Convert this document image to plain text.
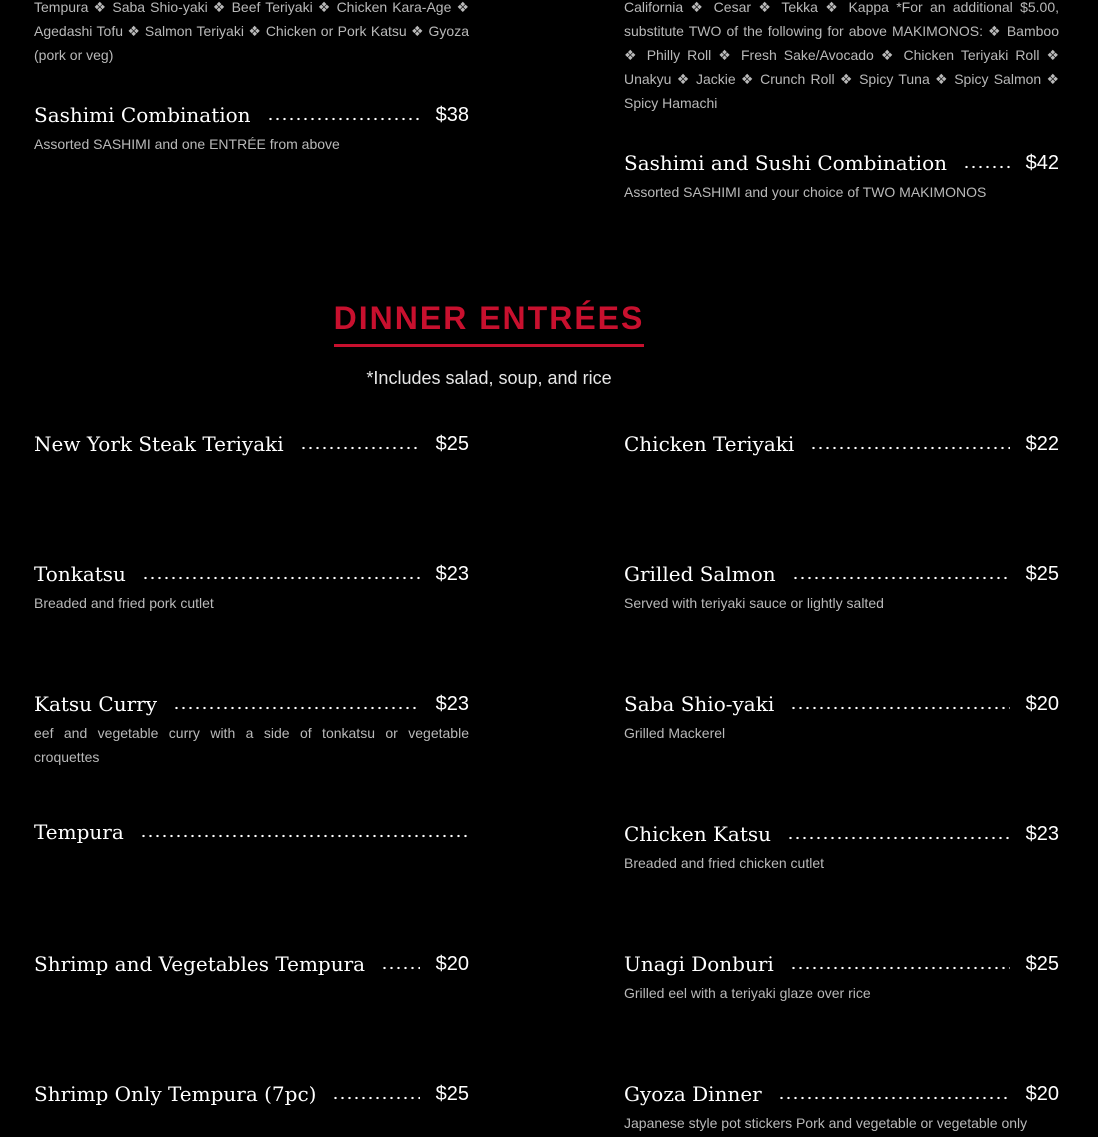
Tempura ❖ Saba Shio-yaki ❖ Beef Teriyaki ❖ Chicken Kara-Age ❖ Agedashi Tofu ❖ Salmon Teriyaki ❖ Chicken or Pork Katsu ❖ Gyoza (pork or veg)

Sashimi Combination	$38

Assorted SASHIMI and one ENTRÉE from above

California ❖ Cesar ❖ Tekka ❖ Kappa *For an additional $5.00, substitute TWO of the following for above MAKIMONOS: ❖ Bamboo ❖ Philly Roll ❖ Fresh Sake/Avocado ❖ Chicken Teriyaki Roll ❖ Unakyu ❖ Jackie ❖ Crunch Roll ❖ Spicy Tuna ❖ Spicy Salmon ❖ Spicy Hamachi

Sashimi and Sushi Combination	$42

Assorted SASHIMI and your choice of TWO MAKIMONOS

DINNER ENTRÉES
*Includes salad, soup, and rice
New York Steak Teriyaki	$25
Tonkatsu	$23

Breaded and fried pork cutlet

Katsu Curry	$23

eef and vegetable curry with a side of tonkatsu or vegetable croquettes

Tempura
Shrimp and Vegetables Tempura	$20
Shrimp Only Tempura (7pc)	$25
Chicken Teriyaki	$22
Grilled Salmon	$25

Served with teriyaki sauce or lightly salted

Saba Shio-yaki	$20

Grilled Mackerel

Chicken Katsu	$23

Breaded and fried chicken cutlet

Unagi Donburi	$25

Grilled eel with a teriyaki glaze over rice

Gyoza Dinner	$20

Japanese style pot stickers Pork and vegetable or vegetable only
